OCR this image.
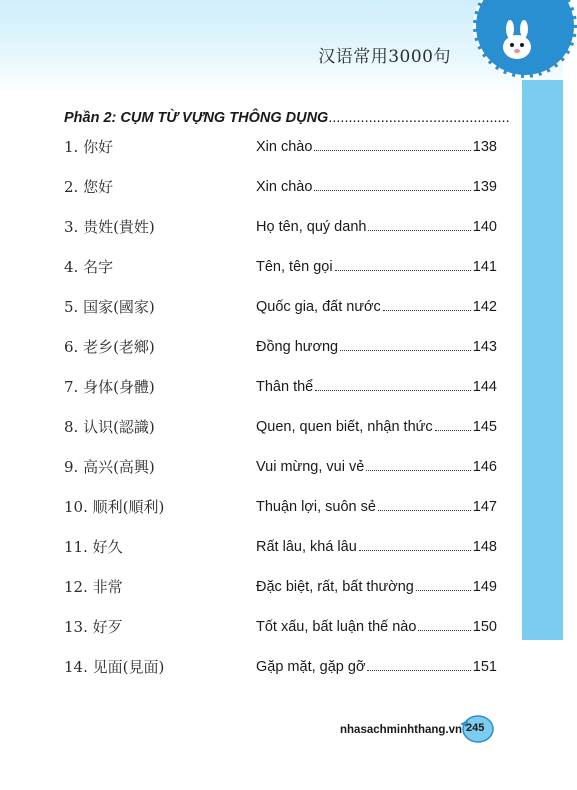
汉语常用3000句
Phần 2: CỤM TỪ VỰNG THÔNG DỤNG.............................................
1. 你好	Xin chào	138
2. 您好	Xin chào	139
3. 贵姓(貴姓)	Họ tên, quý danh	140
4. 名字	Tên, tên gọi	141
5. 国家(國家)	Quốc gia, đất nước	142
6. 老乡(老鄉)	Đồng hương	143
7. 身体(身體)	Thân thể	144
8. 认识(認識)	Quen, quen biết, nhận thức	145
9. 高兴(高興)	Vui mừng, vui vẻ	146
10. 顺利(順利)	Thuận lợi, suôn sẻ	147
11. 好久	Rất lâu, khá lâu	148
12. 非常	Đặc biệt, rất, bất thường	149
13. 好歹	Tốt xấu, bất luận thế nào	150
14. 见面(見面)	Gặp mặt, gặp gỡ	151
nhasachminhthang.vn 245
